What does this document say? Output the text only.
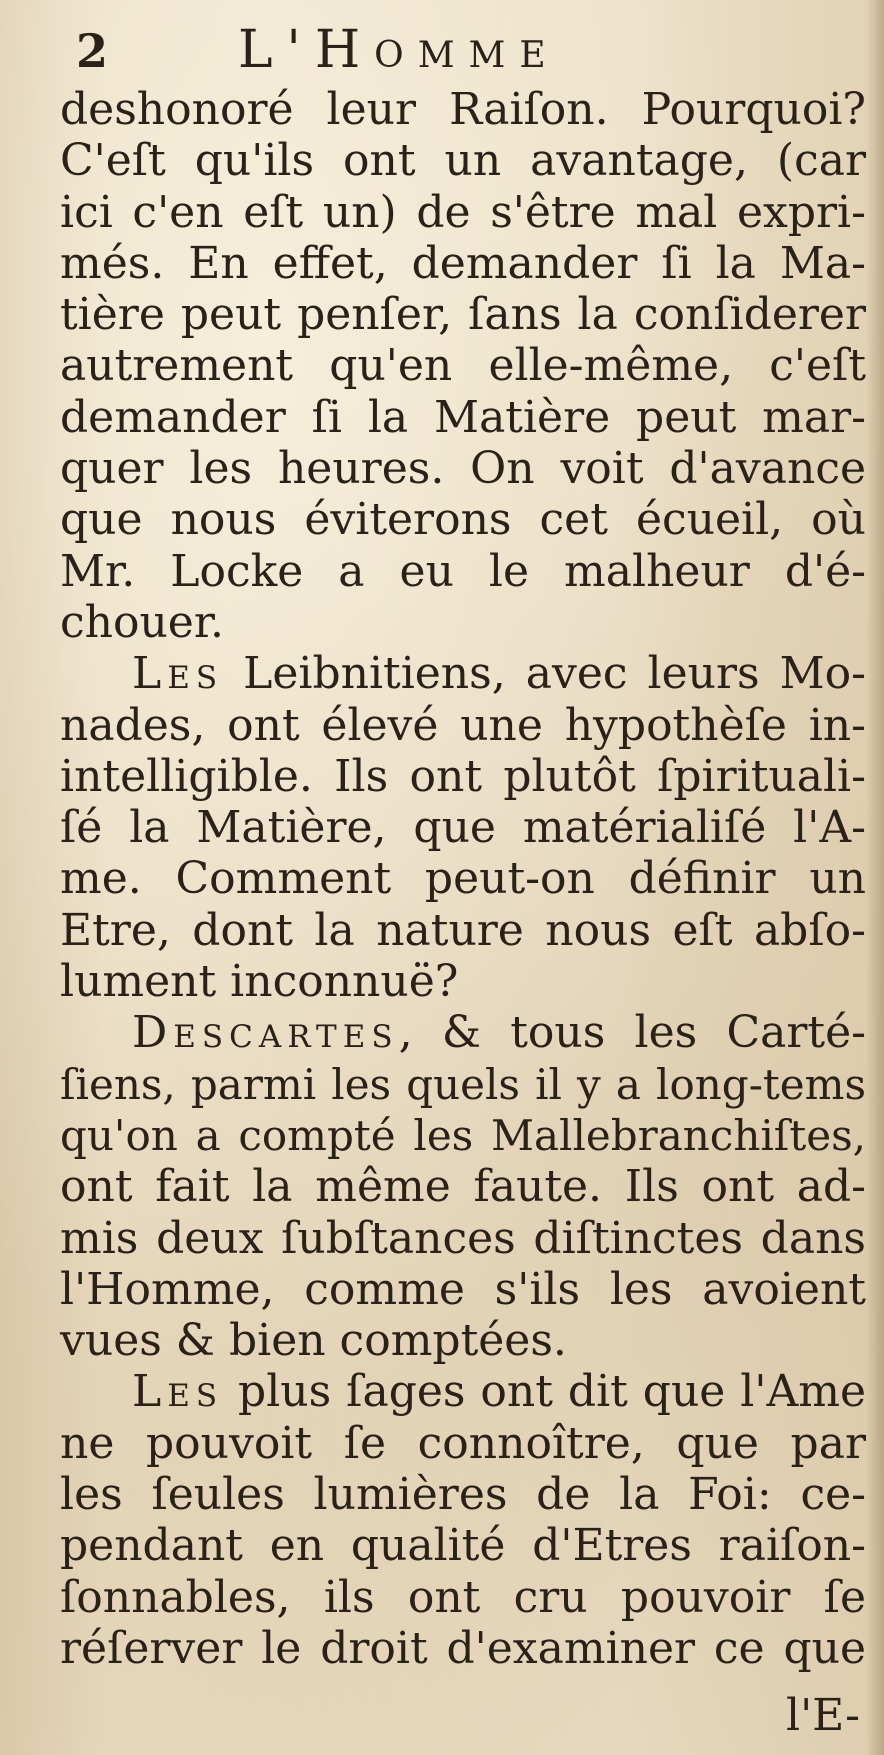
2 L'Homme
deshonoré leur Raiſon. Pourquoi?
C'eſt qu'ils ont un avantage, (car
ici c'en eſt un) de s'être mal expri-
més. En effet, demander ſi la Ma-
tière peut penſer, ſans la conſiderer
autrement qu'en elle-même, c'eſt
demander ſi la Matière peut mar-
quer les heures. On voit d'avance
que nous éviterons cet écueil, où
Mr. Locke a eu le malheur d'é-
chouer.
Les Leibnitiens, avec leurs Mo-
nades, ont élevé une hypothèſe in-
intelligible. Ils ont plutôt ſpirituali-
ſé la Matière, que matérialiſé l'A-
me. Comment peut-on définir un
Etre, dont la nature nous eſt abſo-
lument inconnuë?
Descartes, & tous les Carté-
ſiens, parmi les quels il y a long-tems
qu'on a compté les Mallebranchiſtes,
ont fait la même faute. Ils ont ad-
mis deux ſubſtances diſtinctes dans
l'Homme, comme s'ils les avoient
vues & bien comptées.
Les plus ſages ont dit que l'Ame
ne pouvoit ſe connoître, que par
les ſeules lumières de la Foi: ce-
pendant en qualité d'Etres raiſon-
ſonnables, ils ont cru pouvoir ſe
réſerver le droit d'examiner ce que
l'E-
